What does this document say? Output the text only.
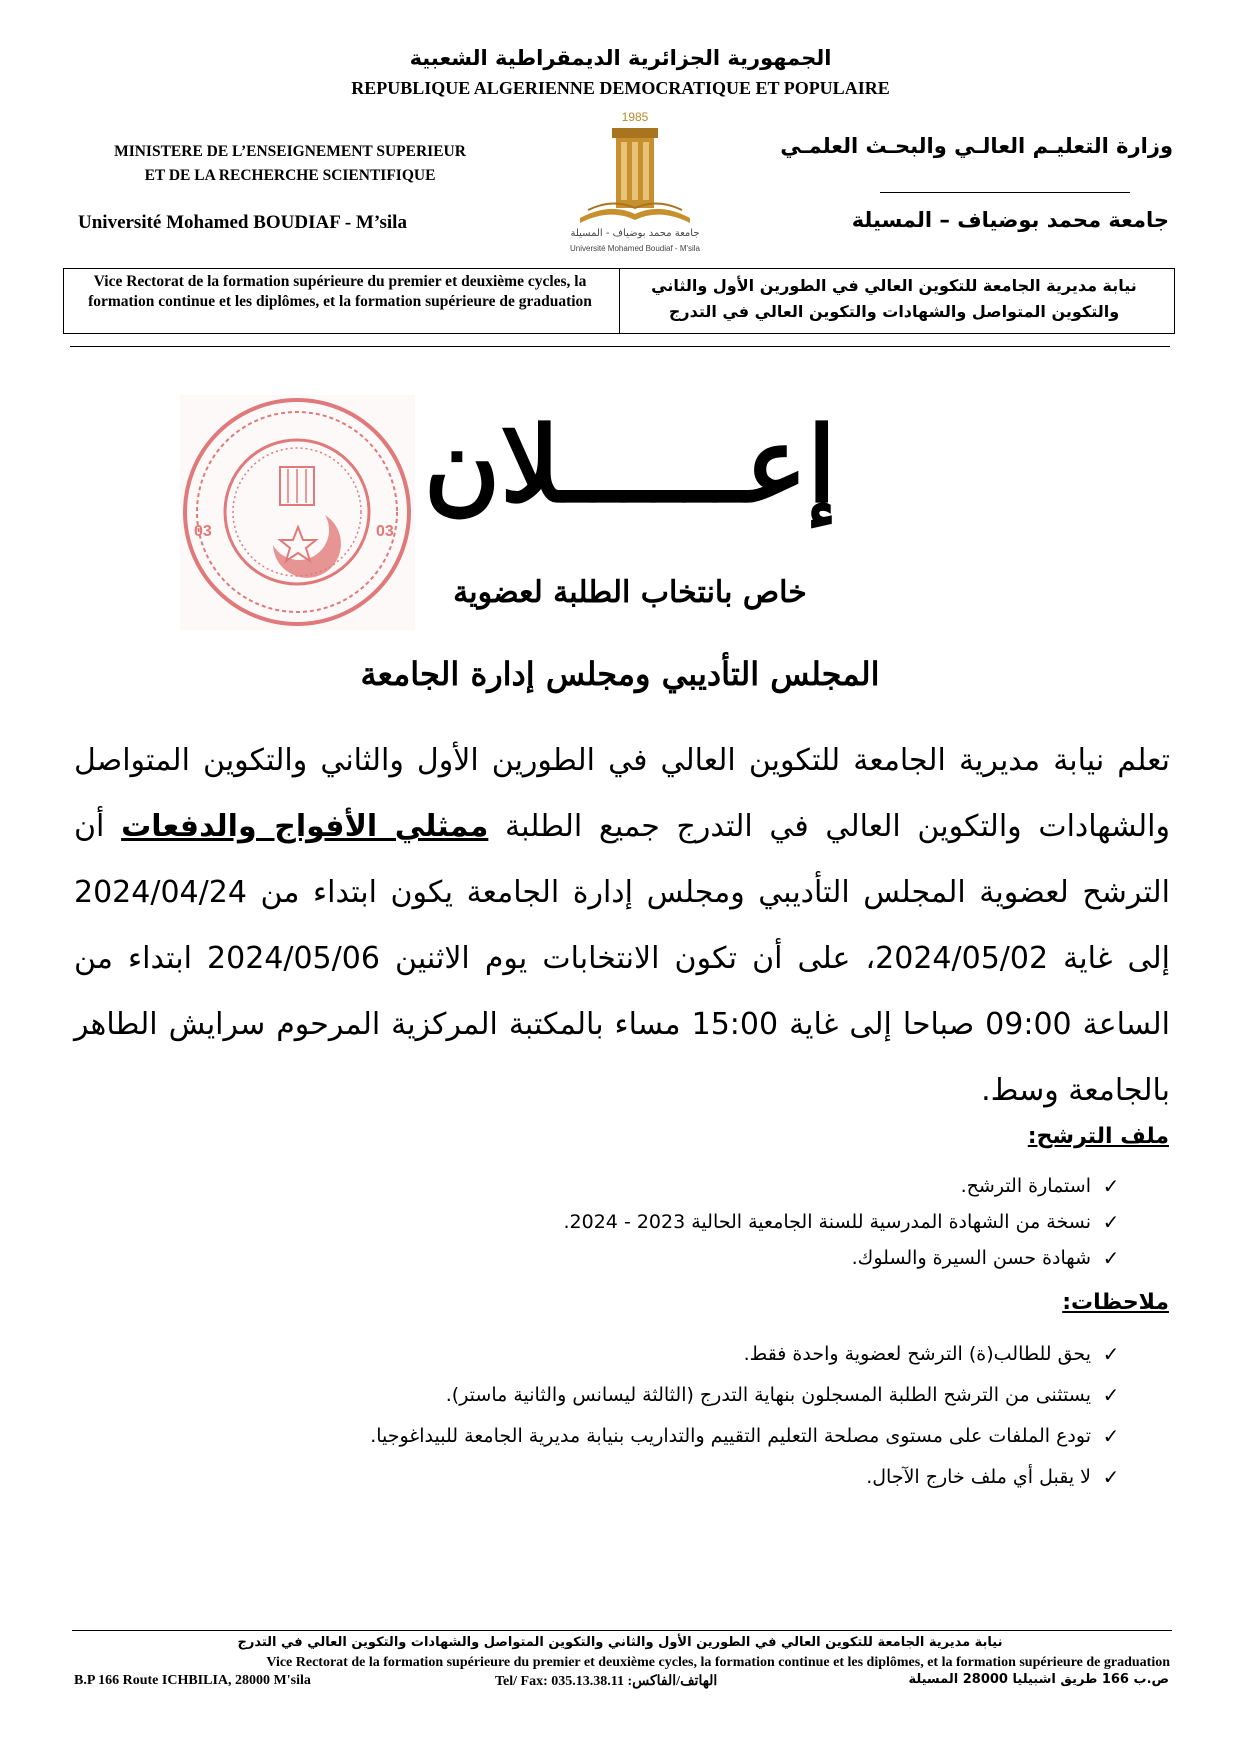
الجمهورية الجزائرية الديمقراطية الشعبية
REPUBLIQUE ALGERIENNE DEMOCRATIQUE ET POPULAIRE
MINISTERE DE L’ENSEIGNEMENT SUPERIEUR
ET DE LA RECHERCHE SCIENTIFIQUE
وزارة التعليـم العالـي والبحـث العلمـي
Université Mohamed BOUDIAF - M’sila	جامعة محمد بوضياف – المسيلة
1985
جامعة محمد بوضياف - المسيلة
Université Mohamed Boudiaf - M'sila
Vice Rectorat de la formation supérieure du premier et deuxième cycles, la formation continue et les diplômes, et la formation supérieure de graduation
نيابة مديرية الجامعة للتكوين العالي في الطورين الأول والثاني والتكوين المتواصل والشهادات والتكوين العالي في التدرج
03	03
إعــــــلان
خاص بانتخاب الطلبة لعضوية
المجلس التأديبي ومجلس إدارة الجامعة
تعلم نيابة مديرية الجامعة للتكوين العالي في الطورين الأول والثاني والتكوين المتواصل والشهادات والتكوين العالي في التدرج جميع الطلبة ممثلي الأفواج والدفعات أن الترشح لعضوية المجلس التأديبي ومجلس إدارة الجامعة يكون ابتداء من 2024/04/24 إلى غاية 2024/05/02، على أن تكون الانتخابات يوم الاثنين 2024/05/06 ابتداء من الساعة 09:00 صباحا إلى غاية 15:00 مساء بالمكتبة المركزية المرحوم سرايش الطاهر بالجامعة وسط.
ملف الترشح:
✓
استمارة الترشح.
✓
نسخة من الشهادة المدرسية للسنة الجامعية الحالية 2023 - 2024.
✓
شهادة حسن السيرة والسلوك.
ملاحظات:
✓
يحق للطالب(ة) الترشح لعضوية واحدة فقط.
✓
يستثنى من الترشح الطلبة المسجلون بنهاية التدرج (الثالثة ليسانس والثانية ماستر).
✓
تودع الملفات على مستوى مصلحة التعليم التقييم والتداريب بنيابة مديرية الجامعة للبيداغوجيا.
✓
لا يقبل أي ملف خارج الآجال.
نيابة مديرية الجامعة للتكوين العالي في الطورين الأول والثاني والتكوين المتواصل والشهادات والتكوين العالي في التدرج
Vice Rectorat de la formation supérieure du premier et deuxième cycles, la formation continue et les diplômes, et la formation supérieure de graduation
B.P 166 Route ICHBILIA, 28000 M'sila	Tel/ Fax: 035.13.38.11 :الهاتف/الفاكس	ص.ب 166 طريق اشبيليا 28000 المسيلة
